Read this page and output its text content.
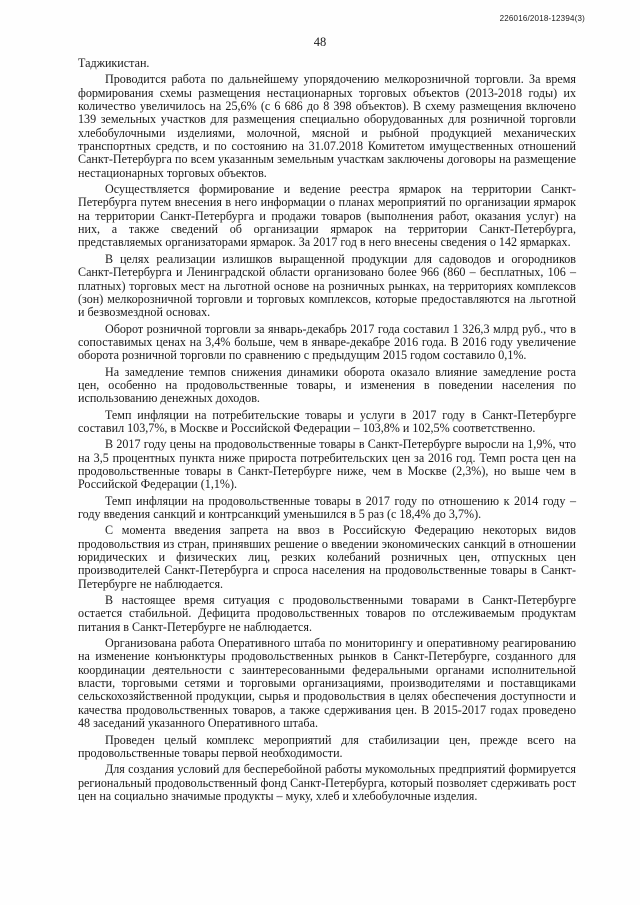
226016/2018-12394(3)
48

Таджикистан.

Проводится работа по дальнейшему упорядочению мелкорозничной торговли. За время формирования схемы размещения нестационарных торговых объектов (2013-2018 годы) их количество увеличилось на 25,6% (с 6 686 до 8 398 объектов). В схему размещения включено 139 земельных участков для размещения специально оборудованных для розничной торговли хлебобулочными изделиями, молочной, мясной и рыбной продукцией механических транспортных средств, и по состоянию на 31.07.2018 Комитетом имущественных отношений Санкт-Петербурга по всем указанным земельным участкам заключены договоры на размещение нестационарных торговых объектов.

Осуществляется формирование и ведение реестра ярмарок на территории Санкт-Петербурга путем внесения в него информации о планах мероприятий по организации ярмарок на территории Санкт-Петербурга и продажи товаров (выполнения работ, оказания услуг) на них, а также сведений об организации ярмарок на территории Санкт-Петербурга, представляемых организаторами ярмарок. За 2017 год в него внесены сведения о 142 ярмарках.

В целях реализации излишков выращенной продукции для садоводов и огородников Санкт-Петербурга и Ленинградской области организовано более 966 (860 – бесплатных, 106 – платных) торговых мест на льготной основе на розничных рынках, на территориях комплексов (зон) мелкорозничной торговли и торговых комплексов, которые предоставляются на льготной и безвозмездной основах.

Оборот розничной торговли за январь-декабрь 2017 года составил 1 326,3 млрд руб., что в сопоставимых ценах на 3,4% больше, чем в январе-декабре 2016 года. В 2016 году увеличение оборота розничной торговли по сравнению с предыдущим 2015 годом составило 0,1%.

На замедление темпов снижения динамики оборота оказало влияние замедление роста цен, особенно на продовольственные товары, и изменения в поведении населения по использованию денежных доходов.

Темп инфляции на потребительские товары и услуги в 2017 году в Санкт-Петербурге составил 103,7%, в Москве и Российской Федерации – 103,8% и 102,5% соответственно.

В 2017 году цены на продовольственные товары в Санкт-Петербурге выросли на 1,9%, что на 3,5 процентных пункта ниже прироста потребительских цен за 2016 год. Темп роста цен на продовольственные товары в Санкт-Петербурге ниже, чем в Москве (2,3%), но выше чем в Российской Федерации (1,1%).

Темп инфляции на продовольственные товары в 2017 году по отношению к 2014 году – году введения санкций и контрсанкций уменьшился в 5 раз (с 18,4% до 3,7%).

С момента введения запрета на ввоз в Российскую Федерацию некоторых видов продовольствия из стран, принявших решение о введении экономических санкций в отношении юридических и физических лиц, резких колебаний розничных цен, отпускных цен производителей Санкт-Петербурга и спроса населения на продовольственные товары в Санкт-Петербурге не наблюдается.

В настоящее время ситуация с продовольственными товарами в Санкт-Петербурге остается стабильной. Дефицита продовольственных товаров по отслеживаемым продуктам питания в Санкт-Петербурге не наблюдается.

Организована работа Оперативного штаба по мониторингу и оперативному реагированию на изменение конъюнктуры продовольственных рынков в Санкт-Петербурге, созданного для координации деятельности с заинтересованными федеральными органами исполнительной власти, торговыми сетями и торговыми организациями, производителями и поставщиками сельскохозяйственной продукции, сырья и продовольствия в целях обеспечения доступности и качества продовольственных товаров, а также сдерживания цен. В 2015-2017 годах проведено 48 заседаний указанного Оперативного штаба.

Проведен целый комплекс мероприятий для стабилизации цен, прежде всего на продовольственные товары первой необходимости.

Для создания условий для бесперебойной работы мукомольных предприятий формируется региональный продовольственный фонд Санкт-Петербурга, который позволяет сдерживать рост цен на социально значимые продукты – муку, хлеб и хлебобулочные изделия.
